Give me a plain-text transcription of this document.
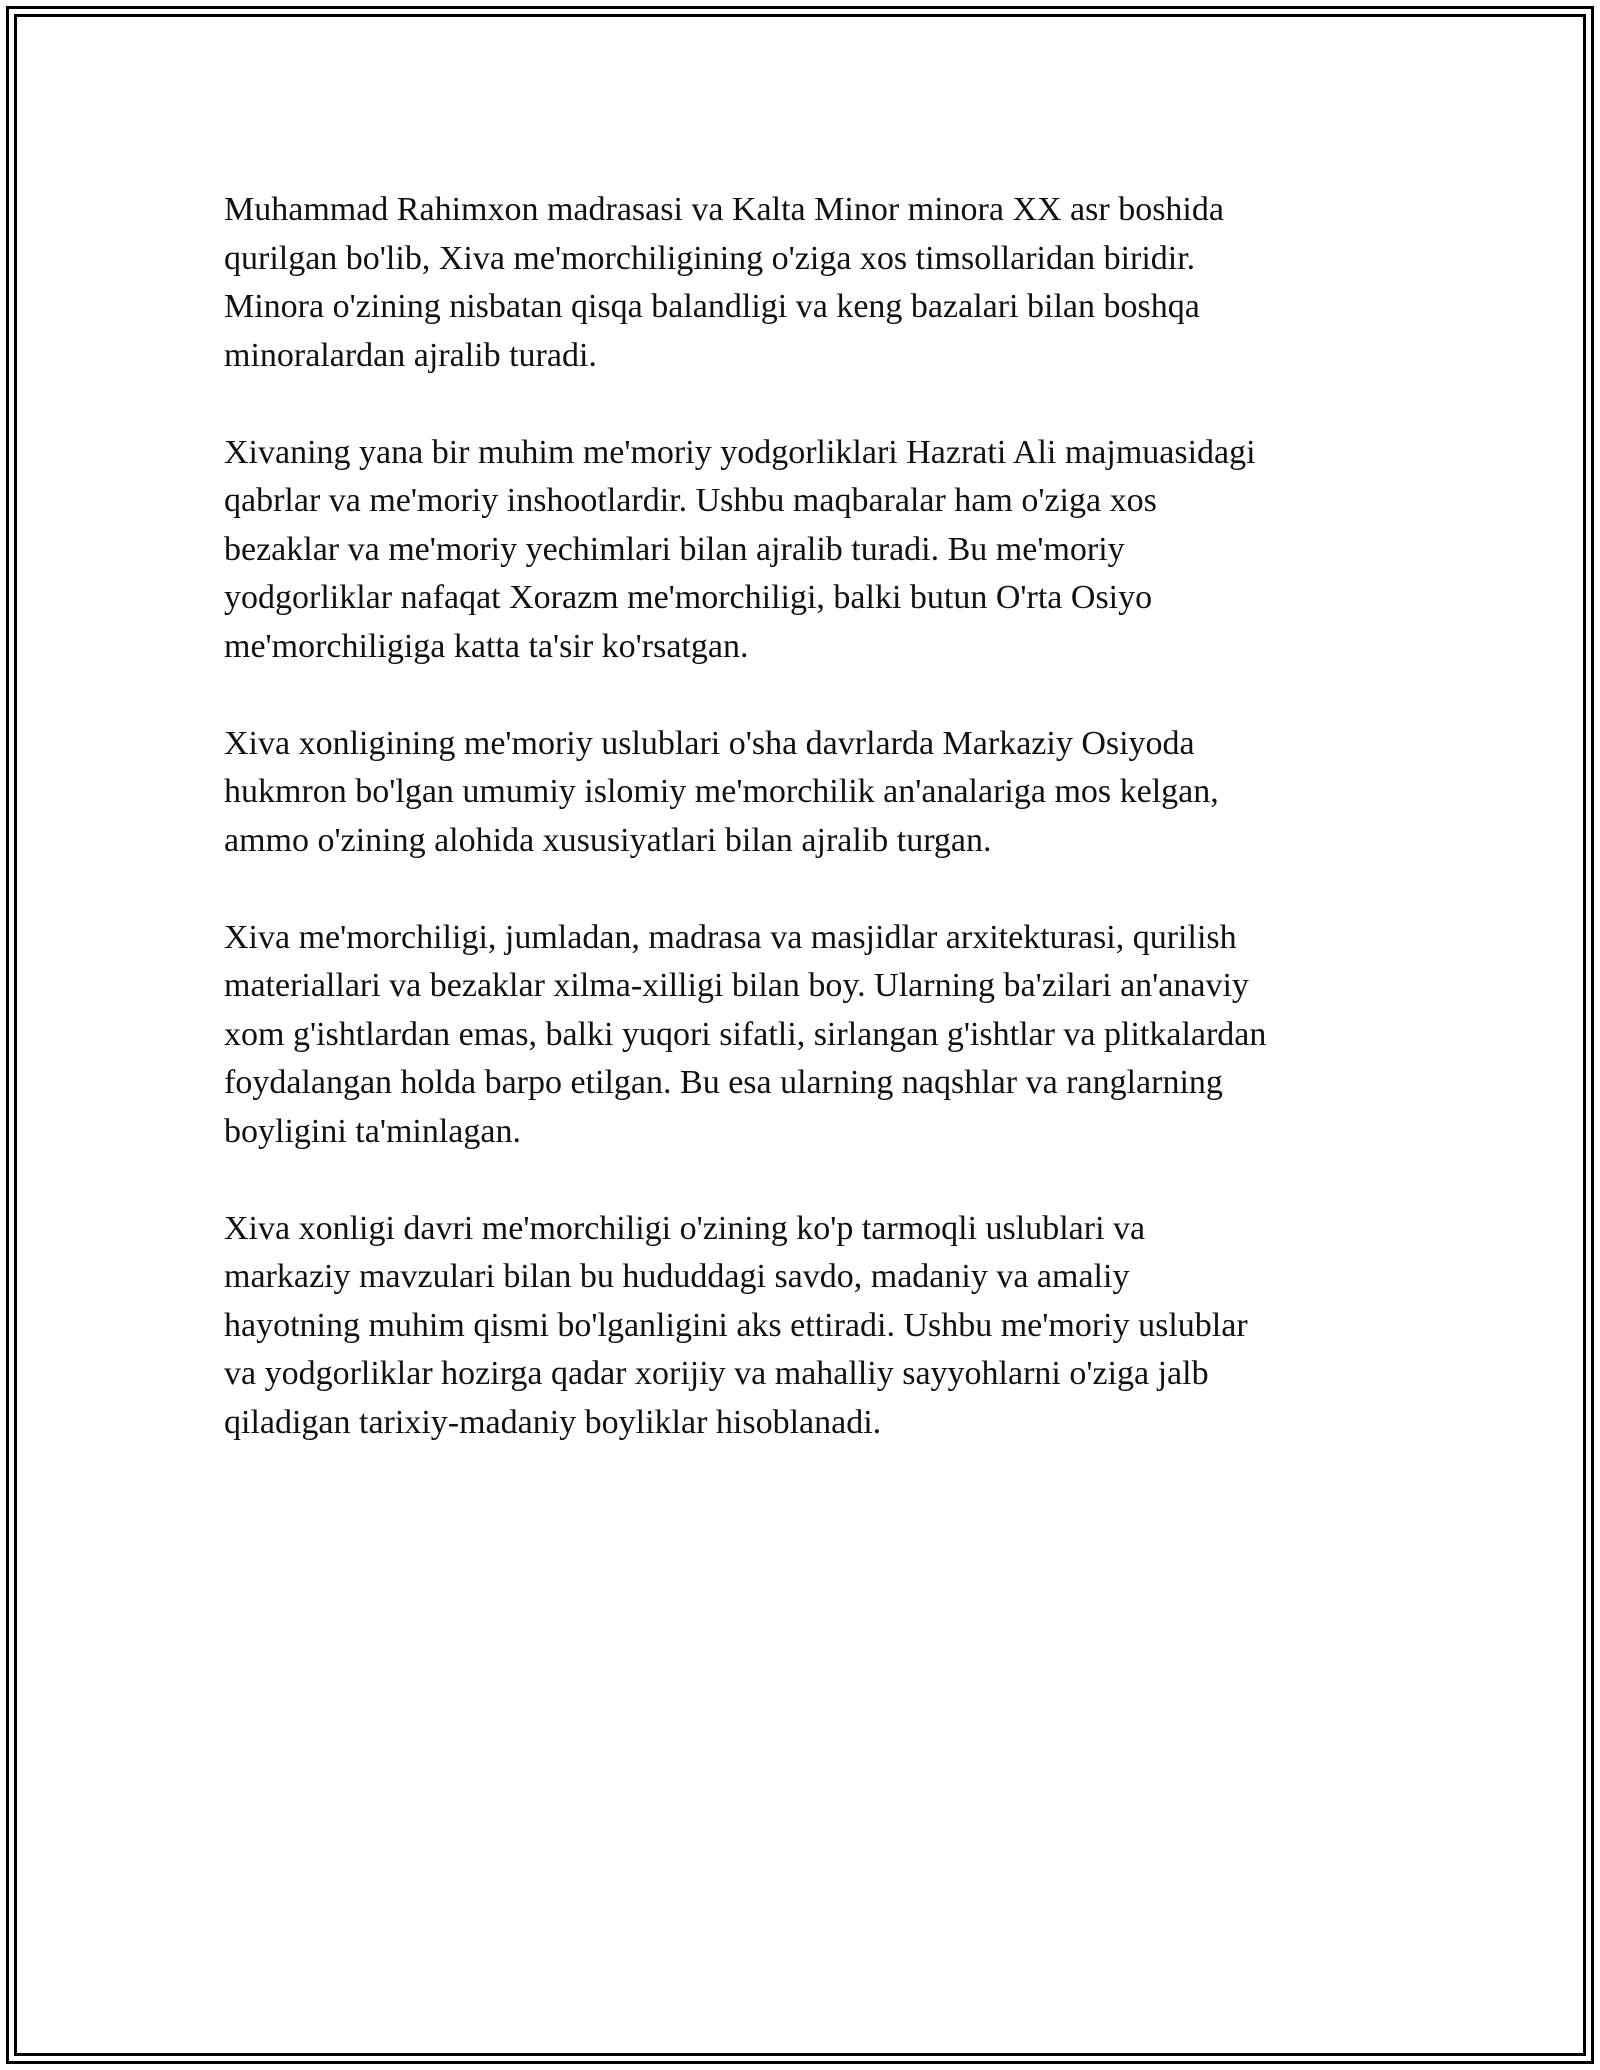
Muhammad Rahimxon madrasasi va Kalta Minor minora XX asr boshida
qurilgan bo'lib, Xiva me'morchiligining o'ziga xos timsollaridan biridir.
Minora o'zining nisbatan qisqa balandligi va keng bazalari bilan boshqa
minoralardan ajralib turadi.

Xivaning yana bir muhim me'moriy yodgorliklari Hazrati Ali majmuasidagi
qabrlar va me'moriy inshootlardir. Ushbu maqbaralar ham o'ziga xos
bezaklar va me'moriy yechimlari bilan ajralib turadi. Bu me'moriy
yodgorliklar nafaqat Xorazm me'morchiligi, balki butun O'rta Osiyo
me'morchiligiga katta ta'sir ko'rsatgan.

Xiva xonligining me'moriy uslublari o'sha davrlarda Markaziy Osiyoda
hukmron bo'lgan umumiy islomiy me'morchilik an'analariga mos kelgan,
ammo o'zining alohida xususiyatlari bilan ajralib turgan.

Xiva me'morchiligi, jumladan, madrasa va masjidlar arxitekturasi, qurilish
materiallari va bezaklar xilma-xilligi bilan boy. Ularning ba'zilari an'anaviy
xom g'ishtlardan emas, balki yuqori sifatli, sirlangan g'ishtlar va plitkalardan
foydalangan holda barpo etilgan. Bu esa ularning naqshlar va ranglarning
boyligini ta'minlagan.

Xiva xonligi davri me'morchiligi o'zining ko'p tarmoqli uslublari va
markaziy mavzulari bilan bu hududdagi savdo, madaniy va amaliy
hayotning muhim qismi bo'lganligini aks ettiradi. Ushbu me'moriy uslublar
va yodgorliklar hozirga qadar xorijiy va mahalliy sayyohlarni o'ziga jalb
qiladigan tarixiy-madaniy boyliklar hisoblanadi.
